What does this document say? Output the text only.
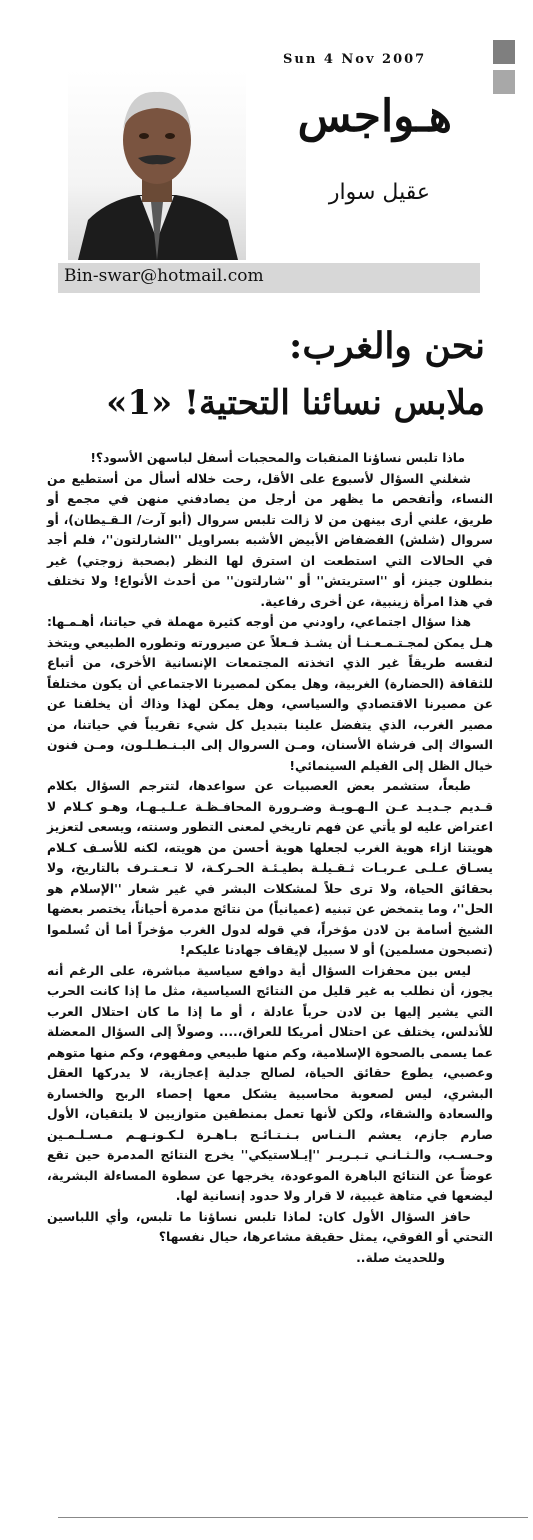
Sun 4 Nov 2007
هـواجس
عقيل سوار
Bin-swar@hotmail.com
نحن والغرب:
ملابس نسائنا التحتية! «1»

ماذا تلبس نساؤنا المنقبات والمحجبات أسفل لباسهن الأسود؟!

شغلني السؤال لأسبوع على الأقل، رحت خلاله أسأل من أستطيع من النساء، وأتفحص ما يظهر من أرجل من يصادفني منهن في مجمع أو طريق، علني أرى بينهن من لا زالت تلبس سروال (أبو آرت/ الـقـيطان)، أو سروال (شلش) الفضفاض الأبيض الأشبه بسراويل ''الشارلتون''، فلم أجد في الحالات التي استطعت ان استرق لها النظر (بصحبة زوجتي) غير بنطلون جينز، أو ''استريتش'' أو ''شارلتون'' من أحدث الأنواع! ولا تختلف في هذا امرأة زينبية، عن أخرى رفاعية.

هذا سؤال اجتماعي، راودني من أوجه كثيرة مهملة في حياتنا، أهـمـها: هـل يمكن لمجـتـمـعـنـا أن يشـذ فـعلاً عن صيرورته وتطوره الطبيعي ويتخذ لنفسه طريقاً غير الذي اتخذته المجتمعات الإنسانية الأخرى، من أتباع للثقافة (الحضارة) الغربية، وهل يمكن لمصيرنا الاجتماعي أن يكون مختلفاً عن مصيرنا الاقتصادي والسياسي، وهل يمكن لهذا وذاك أن يخلفنا عن مصير الغرب، الذي يتفضل علينا بتبديل كل شيء تقريباً في حياتنا، من السواك إلى فرشاة الأسنان، ومـن السروال إلى البـنـطـلـون، ومـن فنون خيال الظل إلى الفيلم السينمائي!

طبعاً، ستشمر بعض العصبيات عن سواعدها، لتترجم السؤال بكلام قـديم جـديـد عـن الـهـويـة وضـرورة المحافـظـة عـلـيـهـا، وهـو كـلام لا اعتراض عليه لو يأتي عن فهم تاريخي لمعنى التطور وسنته، ويسعى لتعزيز هويتنا ازاء هوية الغرب لجعلها هوية أحسن من هويته، لكنه للأسـف كـلام يسـاق عـلـى عـربـات ثـقـيلـة بطيـئـة الحـركـة، لا تـعـتـرف بالتاريخ، ولا بحقائق الحياة، ولا ترى حلاً لمشكلات البشر في غير شعار ''الإسلام هو الحل''، وما يتمخض عن تبنيه (عميانياً) من نتائج مدمرة أحياناً، يختصر بعضها الشيخ أسامة بن لادن مؤخراً، في قوله لدول الغرب مؤخراً أما أن تُسلموا (تصبحون مسلمين) أو لا سبيل لإيقاف جهادنا عليكم!

ليس بين محفزات السؤال أية دوافع سياسية مباشرة، على الرغم أنه يجوز، أن نطلب به غير قليل من النتائج السياسية، مثل ما إذا كانت الحرب التي يشير إليها بن لادن حرباً عادلة ، أو ما إذا ما كان احتلال العرب للأندلس، يختلف عن احتلال أمريكا للعراق،.... وصولاً إلى السؤال المعضلة عما يسمى بالصحوة الإسلامية، وكم منها طبيعي ومفهوم، وكم منها متوهم وعصبي، يطوع حقائق الحياة، لصالح جدلية إعجازية، لا يدركها العقل البشري، ليس لصعوبة محاسبية يشكل معها إحصاء الربح والخسارة والسعادة والشقاء، ولكن لأنها تعمل بمنطقين متوازيين لا يلتقيان، الأول صارم جازم، يعشم الـنـاس بـنـتـائـج بـاهـرة لـكـونـهـم مـسـلـمـين وحـسـب، والـثـانـي تـبـريـر ''إيـلاستيكي'' يخرج النتائج المدمرة حين تقع عوضاً عن النتائج الباهرة الموعودة، يخرجها عن سطوة المساءلة البشرية، ليضعها في متاهة غيبية، لا قرار ولا حدود إنسانية لها.

حافز السؤال الأول كان: لماذا تلبس نساؤنا ما تلبس، وأي اللباسين التحتي أو الفوقي، يمثل حقيقة مشاعرها، حيال نفسها؟

وللحديث صلة..
